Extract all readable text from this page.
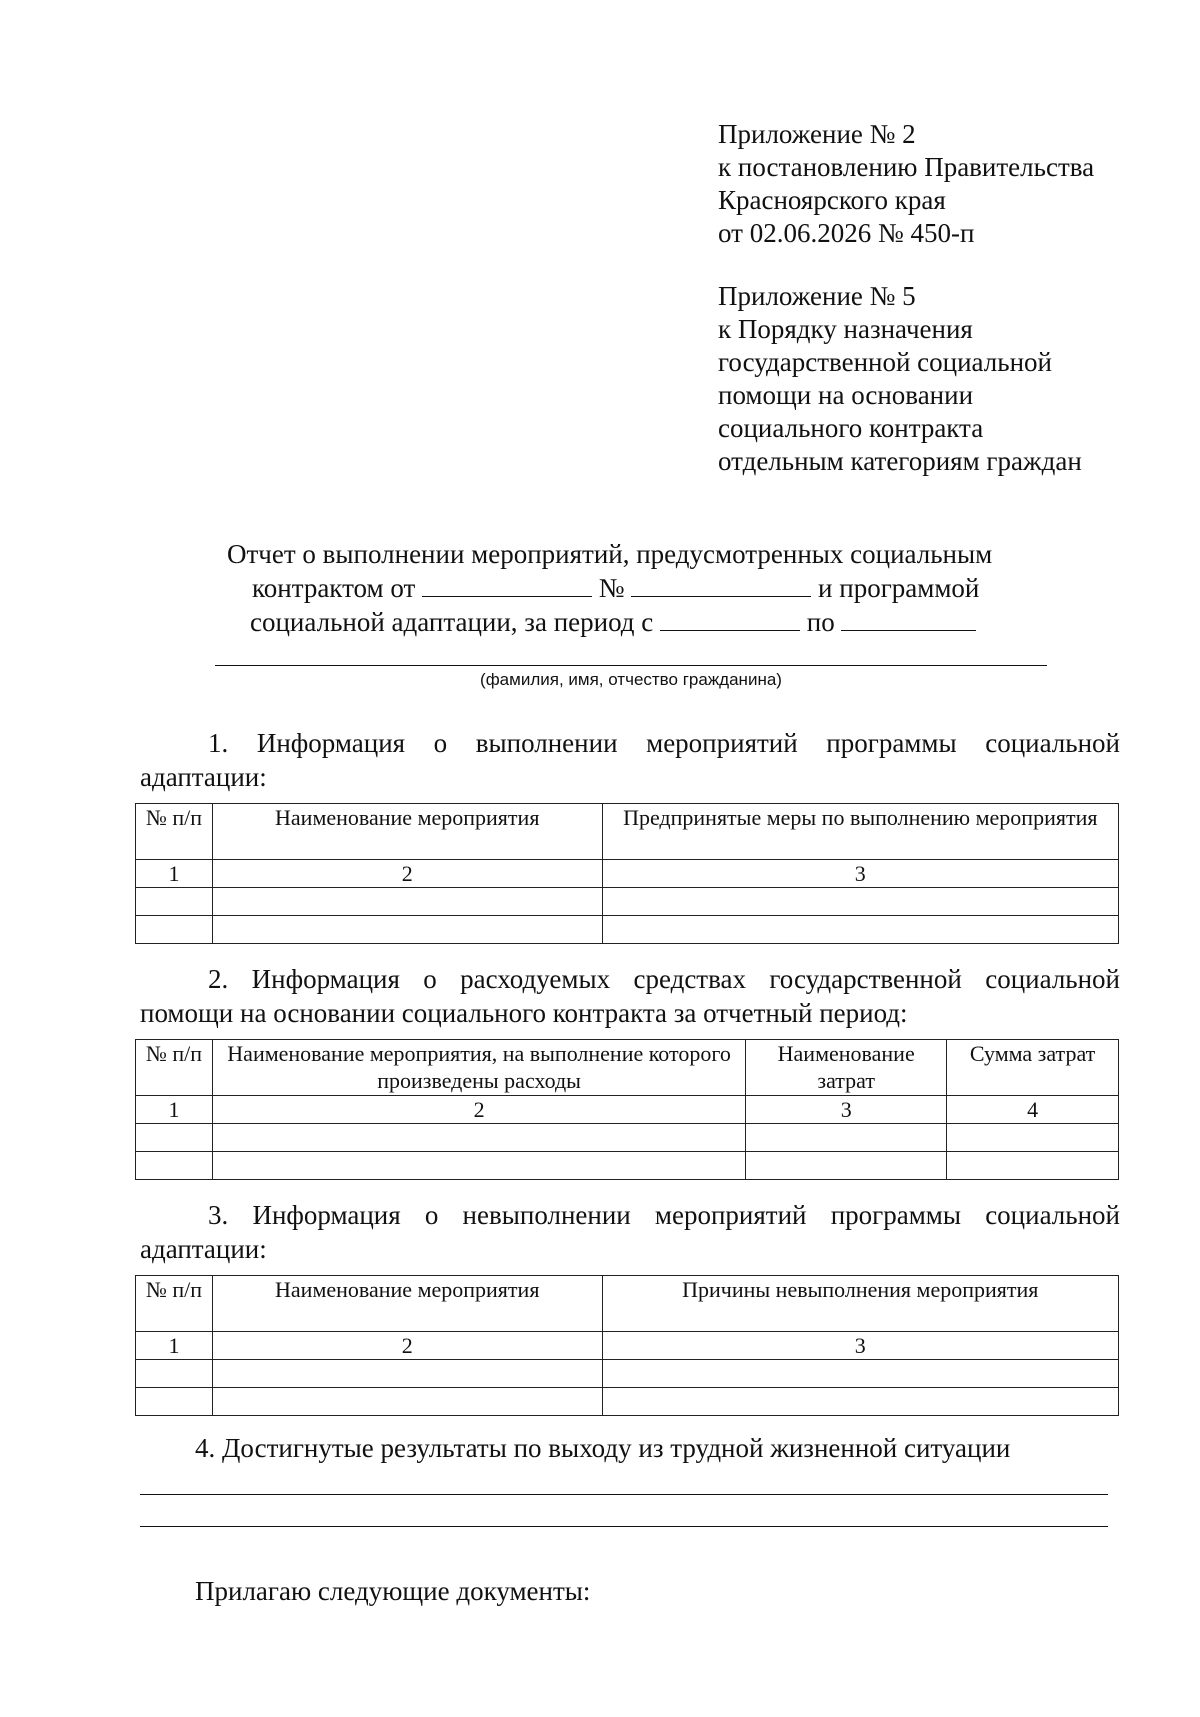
Приложение № 2
к постановлению Правительства
Красноярского края
от 02.06.2026 № 450-п
Приложение № 5
к Порядку назначения
государственной социальной
помощи на основании
социального контракта
отдельным категориям граждан
Отчет о выполнении мероприятий, предусмотренных социальным
контрактом от	№	и программой
социальной адаптации, за период с	по
(фамилия, имя, отчество гражданина)
1. Информация о выполнении мероприятий программы социальной
адаптации:
№ п/п	Наименование мероприятия	Предпринятые меры по выполнению мероприятия
1	2	3

2. Информация о расходуемых средствах государственной социальной
помощи на основании социального контракта за отчетный период:
№ п/п	Наименование мероприятия, на выполнение которого произведены расходы	Наименование затрат	Сумма затрат
1	2	3	4

3. Информация о невыполнении мероприятий программы социальной
адаптации:
№ п/п	Наименование мероприятия	Причины невыполнения мероприятия
1	2	3

4. Достигнутые результаты по выходу из трудной жизненной ситуации
Прилагаю следующие документы:
